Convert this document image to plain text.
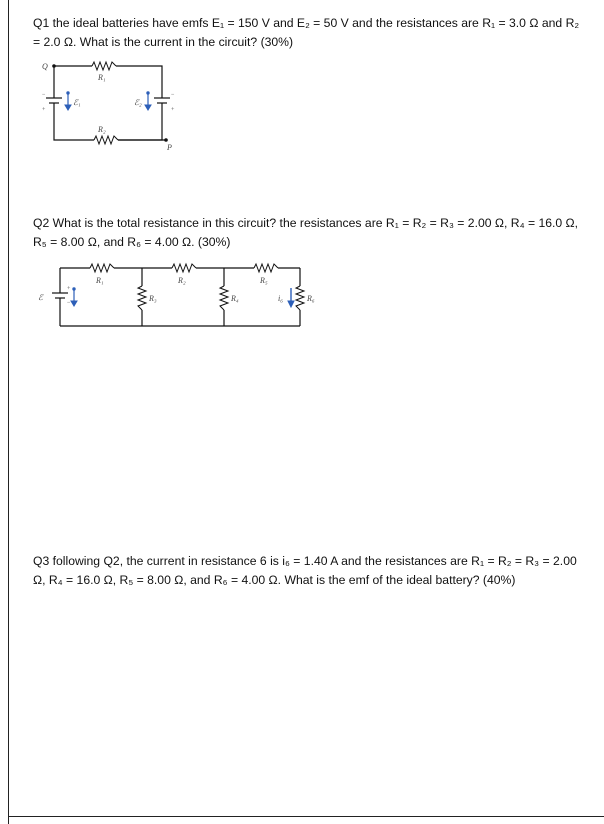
Q1 the ideal batteries have emfs E₁ = 150 V and E₂ = 50 V and the resistances are R₁ = 3.0 Ω and R₂ = 2.0 Ω. What is the current in the circuit? (30%)
Q
P
R₁
R₂
ℰ₁	ℰ₂
−
+
−
+
Q2 What is the total resistance in this circuit? the resistances are R₁ = R₂ = R₃ = 2.00 Ω, R₄ = 16.0 Ω, R₅ = 8.00 Ω, and R₆ = 4.00 Ω. (30%)
ℰ
R₁	R₂	R₅
R₃	R₄	R₆
i₆
+
−
Q3 following Q2, the current in resistance 6 is i₆ = 1.40 A and the resistances are R₁ = R₂ = R₃ = 2.00 Ω, R₄ = 16.0 Ω, R₅ = 8.00 Ω, and R₆ = 4.00 Ω. What is the emf of the ideal battery? (40%)
